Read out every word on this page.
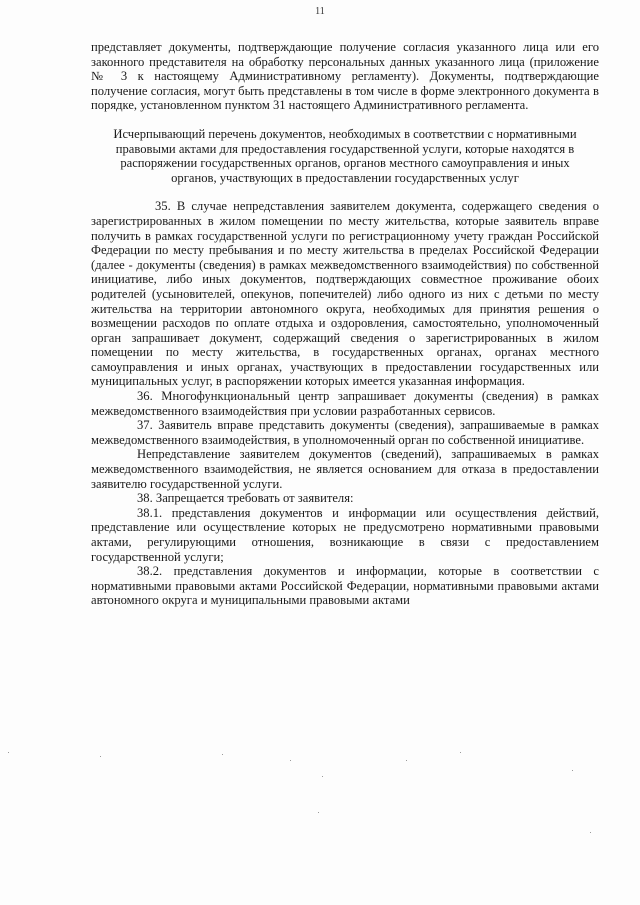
11

представляет документы, подтверждающие получение согласия указанного лица или его законного представителя на обработку персональных данных указанного лица (приложение № 3 к настоящему Административному регламенту). Документы, подтверждающие получение согласия, могут быть представлены в том числе в форме электронного документа в порядке, установленном пунктом 31 настоящего Административного регламента.

Исчерпывающий перечень документов, необходимых в соответствии с нормативными правовыми актами для предоставления государственной услуги, которые находятся в распоряжении государственных органов, органов местного самоуправления и иных органов, участвующих в предоставлении государственных услуг

35. В случае непредставления заявителем документа, содержащего сведения о зарегистрированных в жилом помещении по месту жительства, которые заявитель вправе получить в рамках государственной услуги по регистрационному учету граждан Российской Федерации по месту пребывания и по месту жительства в пределах Российской Федерации (далее - документы (сведения) в рамках межведомственного взаимодействия) по собственной инициативе, либо иных документов, подтверждающих совместное проживание обоих родителей (усыновителей, опекунов, попечителей) либо одного из них с детьми по месту жительства на территории автономного округа, необходимых для принятия решения о возмещении расходов по оплате отдыха и оздоровления, самостоятельно, уполномоченный орган запрашивает документ, содержащий сведения о зарегистрированных в жилом помещении по месту жительства, в государственных органах, органах местного самоуправления и иных органах, участвующих в предоставлении государственных или муниципальных услуг, в распоряжении которых имеется указанная информация.

36. Многофункциональный центр запрашивает документы (сведения) в рамках межведомственного взаимодействия при условии разработанных сервисов.

37. Заявитель вправе представить документы (сведения), запрашиваемые в рамках межведомственного взаимодействия, в уполномоченный орган по собственной инициативе.

Непредставление заявителем документов (сведений), запрашиваемых в рамках межведомственного взаимодействия, не является основанием для отказа в предоставлении заявителю государственной услуги.

38. Запрещается требовать от заявителя:

38.1. представления документов и информации или осуществления действий, представление или осуществление которых не предусмотрено нормативными правовыми актами, регулирующими отношения, возникающие в связи с предоставлением государственной услуги;

38.2. представления документов и информации, которые в соответствии с нормативными правовыми актами Российской Федерации, нормативными правовыми актами автономного округа и муниципальными правовыми актами
